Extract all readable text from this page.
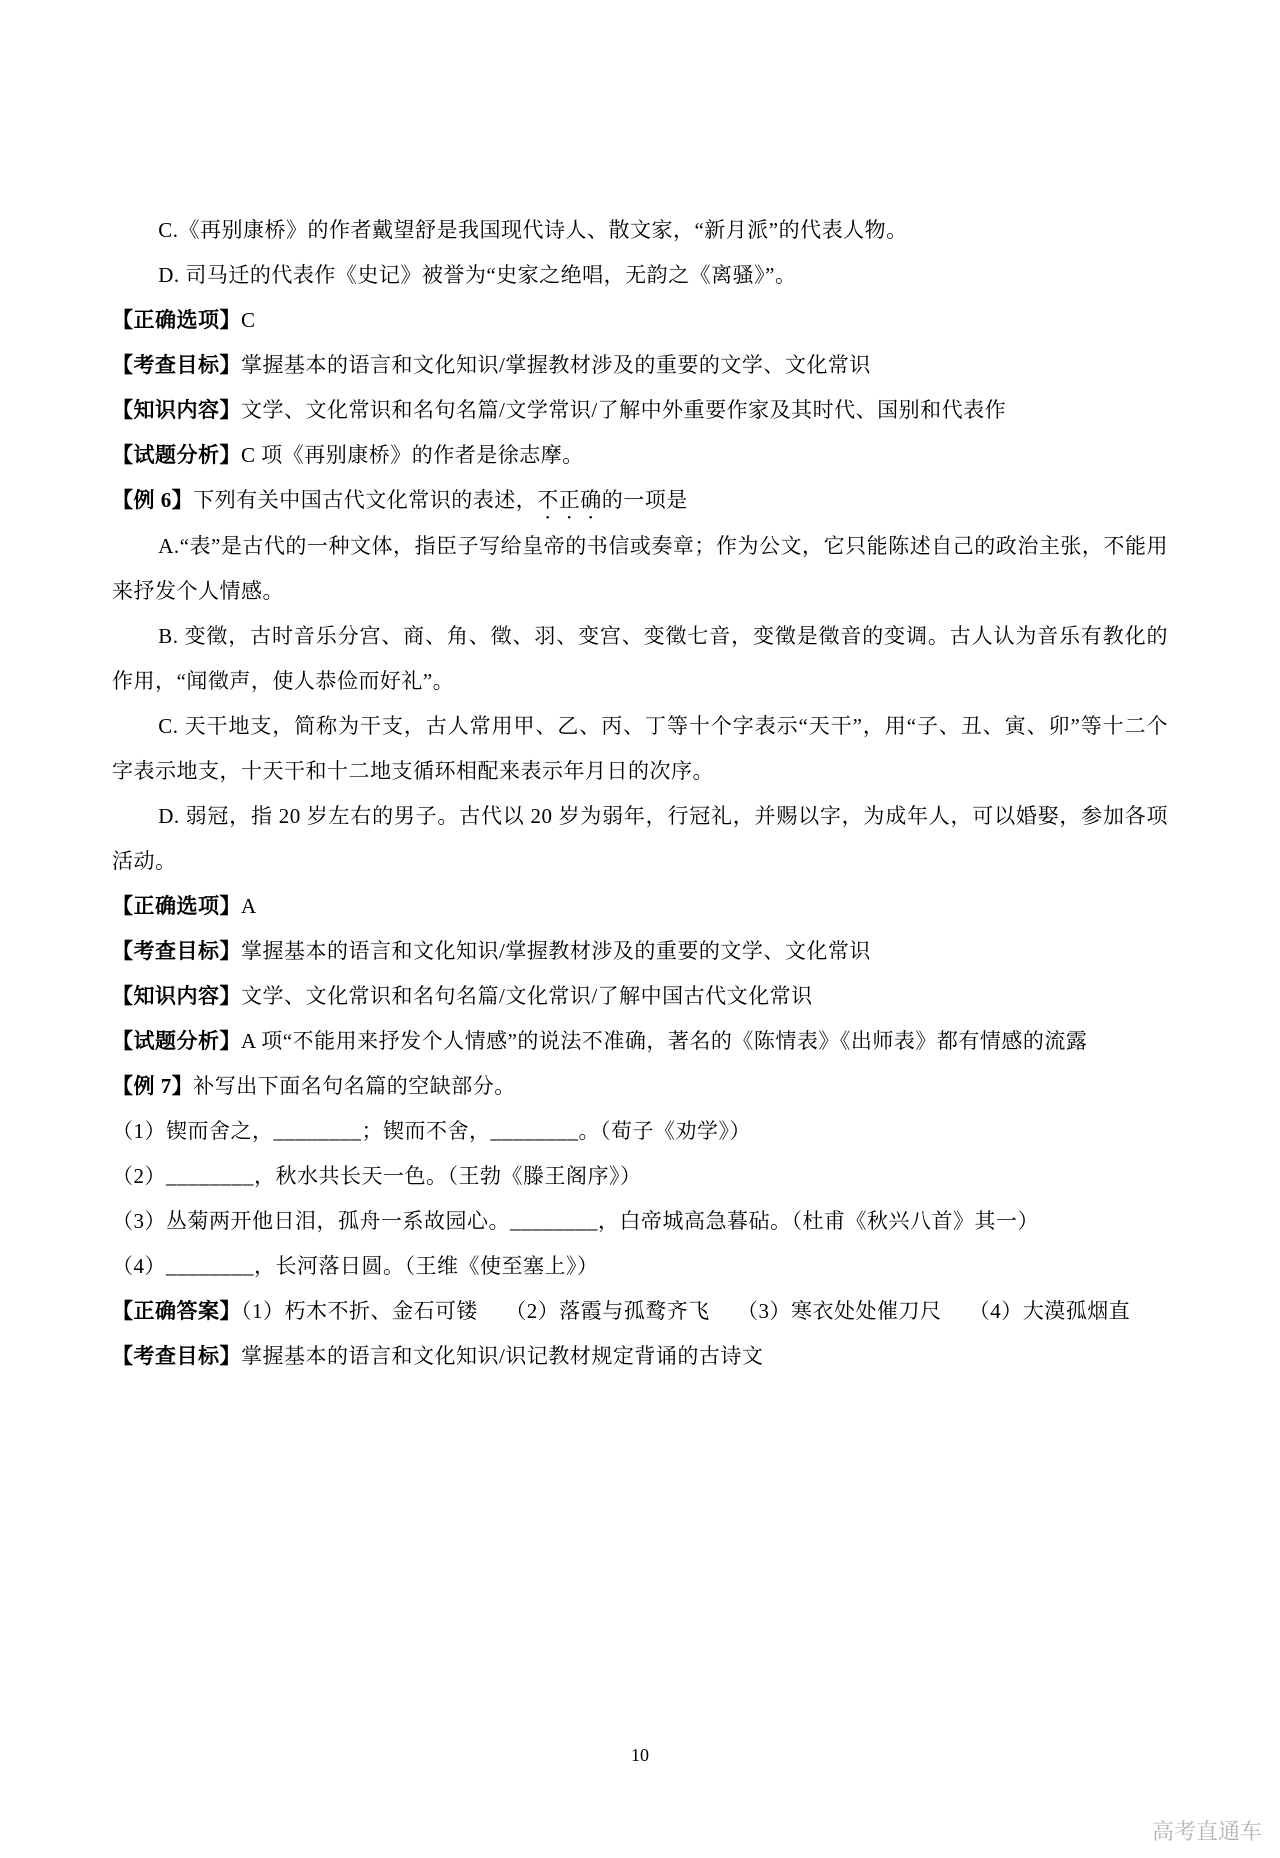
C.《再别康桥》的作者戴望舒是我国现代诗人、散文家，“新月派”的代表人物。

D. 司马迁的代表作《史记》被誉为“史家之绝唱，无韵之《离骚》”。

【正确选项】C

【考查目标】掌握基本的语言和文化知识/掌握教材涉及的重要的文学、文化常识

【知识内容】文学、文化常识和名句名篇/文学常识/了解中外重要作家及其时代、国别和代表作

【试题分析】C 项《再别康桥》的作者是徐志摩。

【例 6】下列有关中国古代文化常识的表述，不正确的一项是

A.“表”是古代的一种文体，指臣子写给皇帝的书信或奏章；作为公文，它只能陈述自己的政治主张，不能用来抒发个人情感。

B. 变徵，古时音乐分宫、商、角、徵、羽、变宫、变徵七音，变徵是徵音的变调。古人认为音乐有教化的作用，“闻徵声，使人恭俭而好礼”。

C. 天干地支，简称为干支，古人常用甲、乙、丙、丁等十个字表示“天干”，用“子、丑、寅、卯”等十二个字表示地支，十天干和十二地支循环相配来表示年月日的次序。

D. 弱冠，指 20 岁左右的男子。古代以 20 岁为弱年，行冠礼，并赐以字，为成年人，可以婚娶，参加各项活动。

【正确选项】A

【考查目标】掌握基本的语言和文化知识/掌握教材涉及的重要的文学、文化常识

【知识内容】文学、文化常识和名句名篇/文化常识/了解中国古代文化常识

【试题分析】A 项“不能用来抒发个人情感”的说法不准确，著名的《陈情表》《出师表》都有情感的流露

【例 7】补写出下面名句名篇的空缺部分。

（1）锲而舍之，________；锲而不舍，________。（荀子《劝学》）

（2）________，秋水共长天一色。（王勃《滕王阁序》）

（3）丛菊两开他日泪，孤舟一系故园心。________，白帝城高急暮砧。（杜甫《秋兴八首》其一）

（4）________，长河落日圆。（王维《使至塞上》）

【正确答案】（1）朽木不折、金石可镂　 （2）落霞与孤鹜齐飞　 （3）寒衣处处催刀尺　 （4）大漠孤烟直

【考查目标】掌握基本的语言和文化知识/识记教材规定背诵的古诗文

10
高考直通车
